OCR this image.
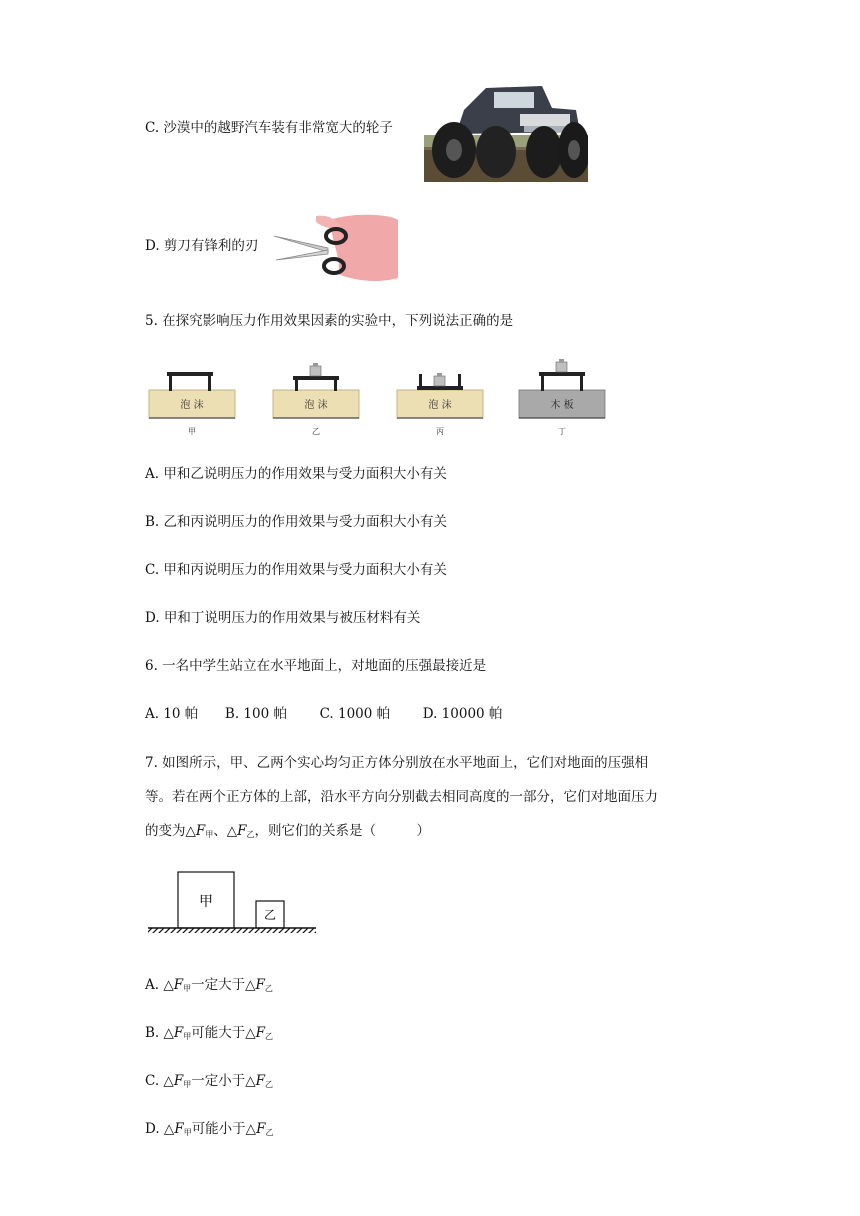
C. 沙漠中的越野汽车装有非常宽大的轮子
D. 剪刀有锋利的刃
5. 在探究影响压力作用效果因素的实验中，下列说法正确的是
泡 沫
甲
泡 沫
乙
泡 沫
丙
木 板
丁
A. 甲和乙说明压力的作用效果与受力面积大小有关
B. 乙和丙说明压力的作用效果与受力面积大小有关
C. 甲和丙说明压力的作用效果与受力面积大小有关
D. 甲和丁说明压力的作用效果与被压材料有关
6. 一名中学生站立在水平地面上，对地面的压强最接近是
A. 10 帕 B. 100 帕 C. 1000 帕 D. 10000 帕
7. 如图所示，甲、乙两个实心均匀正方体分别放在水平地面上，它们对地面的压强相
等。若在两个正方体的上部，沿水平方向分别截去相同高度的一部分，它们对地面压力
的变为$\triangle F_甲$、$\triangle F_乙$，则它们的关系是（　　　）
甲
乙
A. $\triangle F_甲$一定大于$\triangle F_乙$
B. $\triangle F_甲$可能大于$\triangle F_乙$
C. $\triangle F_甲$一定小于$\triangle F_乙$
D. $\triangle F_甲$可能小于$\triangle F_乙$
